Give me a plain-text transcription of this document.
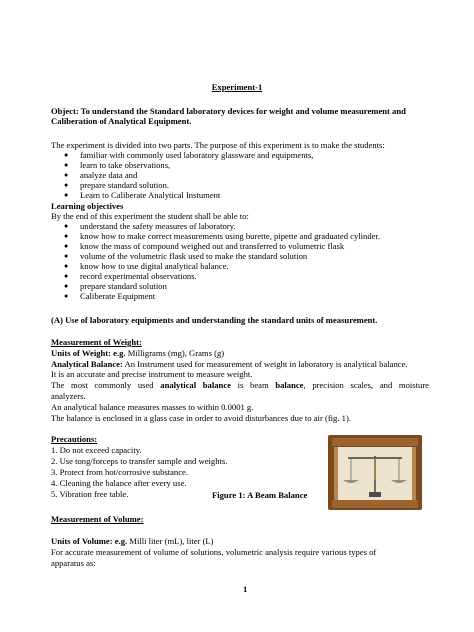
Experiment-1
Object: To understand the Standard laboratory devices for weight and volume measurement and
Caliberation of Analytical Equipment.
The experiment is divided into two parts. The purpose of this experiment is to make the students:
● familiar with commonly used laboratory glassware and equipments,
● learn to take observations,
● analyze data and
● prepare standard solution.
● Learn to Caliberate Analytical Instument
Learning objectives
By the end of this experiment the student shall be able to:
● understand the safety measures of laboratory.
● know how to make correct measurements using burette, pipette and graduated cylinder.
● know the mass of compound weighed out and transferred to volumetric flask
● volume of the volumetric flask used to make the standard solution
● know how to use digital analytical balance.
● record experimental observations.
● prepare standard solution
● Caliberate Equipment
(A) Use of laboratory equipments and understanding the standard units of measurement.
Measurement of Weight:
Units of Weight: e.g. Milligrams (mg), Grams (g)
Analytical Balance: An Instrument used for measurement of weight in laboratory is analytical balance.
It is an accurate and precise instrument to measure weight.
The most commonly used analytical balance is beam balance, precision scales, and moisture
analyzers.
An analytical balance measures masses to within 0.0001 g.
The balance is enclosed in a glass case in order to avoid disturbances due to air (fig. 1).
Precautions:
1. Do not exceed capacity.
2. Use tong/forceps to transfer sample and weights.
3. Protect from hot/corrosive substance.
4. Cleaning the balance after every use.
5. Vibration free table.	Figure 1: A Beam Balance
Measurement of Volume:
Units of Volume: e.g. Milli liter (mL), liter (L)
For accurate measurement of volume of solutions, volumetric analysis require various types of
apparatus as:
1
